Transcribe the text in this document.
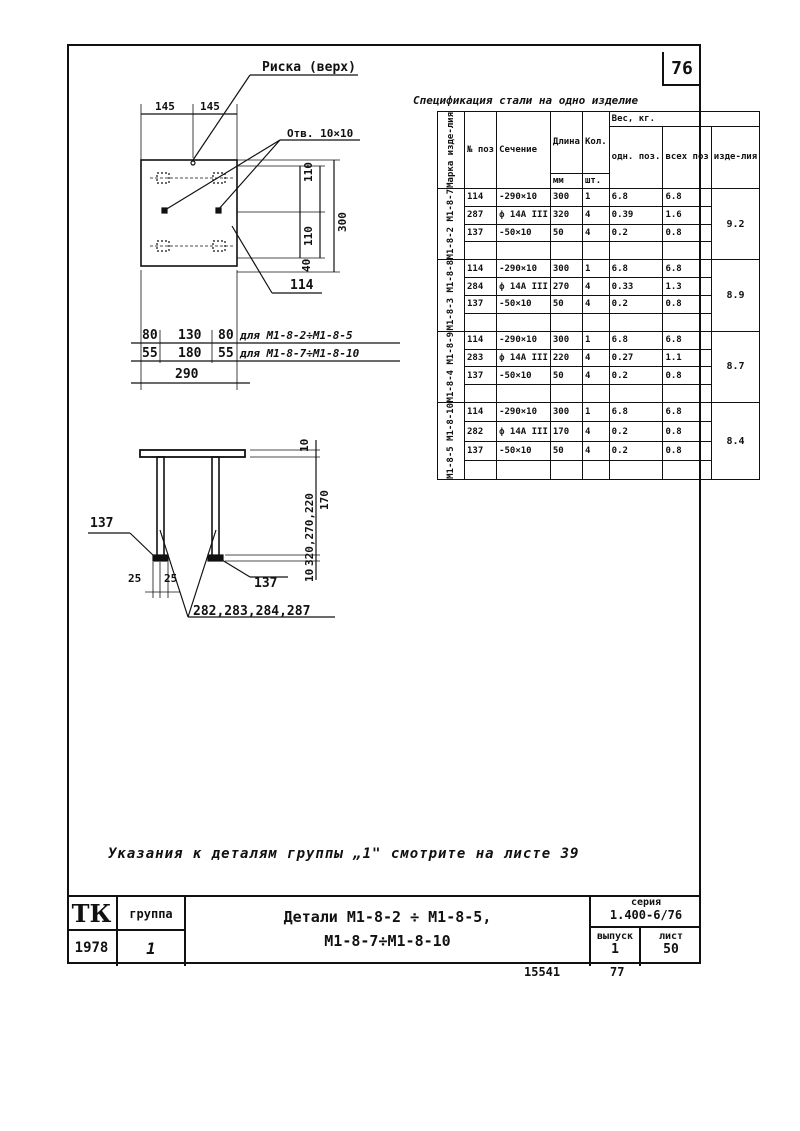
76
Риска (верх)
145 145
Отв. 10×10
114
110
110
300
40
80 130 80 для М1-8-2÷М1-8-5
55 180 55 для М1-8-7÷М1-8-10
290
10
320,270,220 170
10
137
137
25 25
282,283,284,287
Спецификация стали на одно изделие
Марка изде-лия	№ поз	Сечение	Длина	Кол.	Вес, кг.		
					одн. поз.	всех поз	изде-лия
			мм	шт.			

М1-8-2 М1-8-7	114	-290×10	300	1	6.8	6.8	9.2
	287	ф 14А III	320	4	0.39	1.6	
	137	-50×10	50	4	0.2	0.8	

М1-8-3 М1-8-8	114	-290×10	300	1	6.8	6.8	8.9
	284	ф 14А III	270	4	0.33	1.3	
	137	-50×10	50	4	0.2	0.8	

М1-8-4 М1-8-9	114	-290×10	300	1	6.8	6.8	8.7
	283	ф 14А III	220	4	0.27	1.1	
	137	-50×10	50	4	0.2	0.8	

М1-8-5 М1-8-10	114	-290×10	300	1	6.8	6.8	8.4
	282	ф 14А III	170	4	0.2	0.8	
	137	-50×10	50	4	0.2	0.8	

Указания к деталям группы „1" смотрите на листе 39
ТК	группа
1978	1
Детали М1-8-2 ÷ М1-8-5,
М1-8-7÷М1-8-10
серия
1.400-6/76
выпуск
1
лист
50
15541	77
